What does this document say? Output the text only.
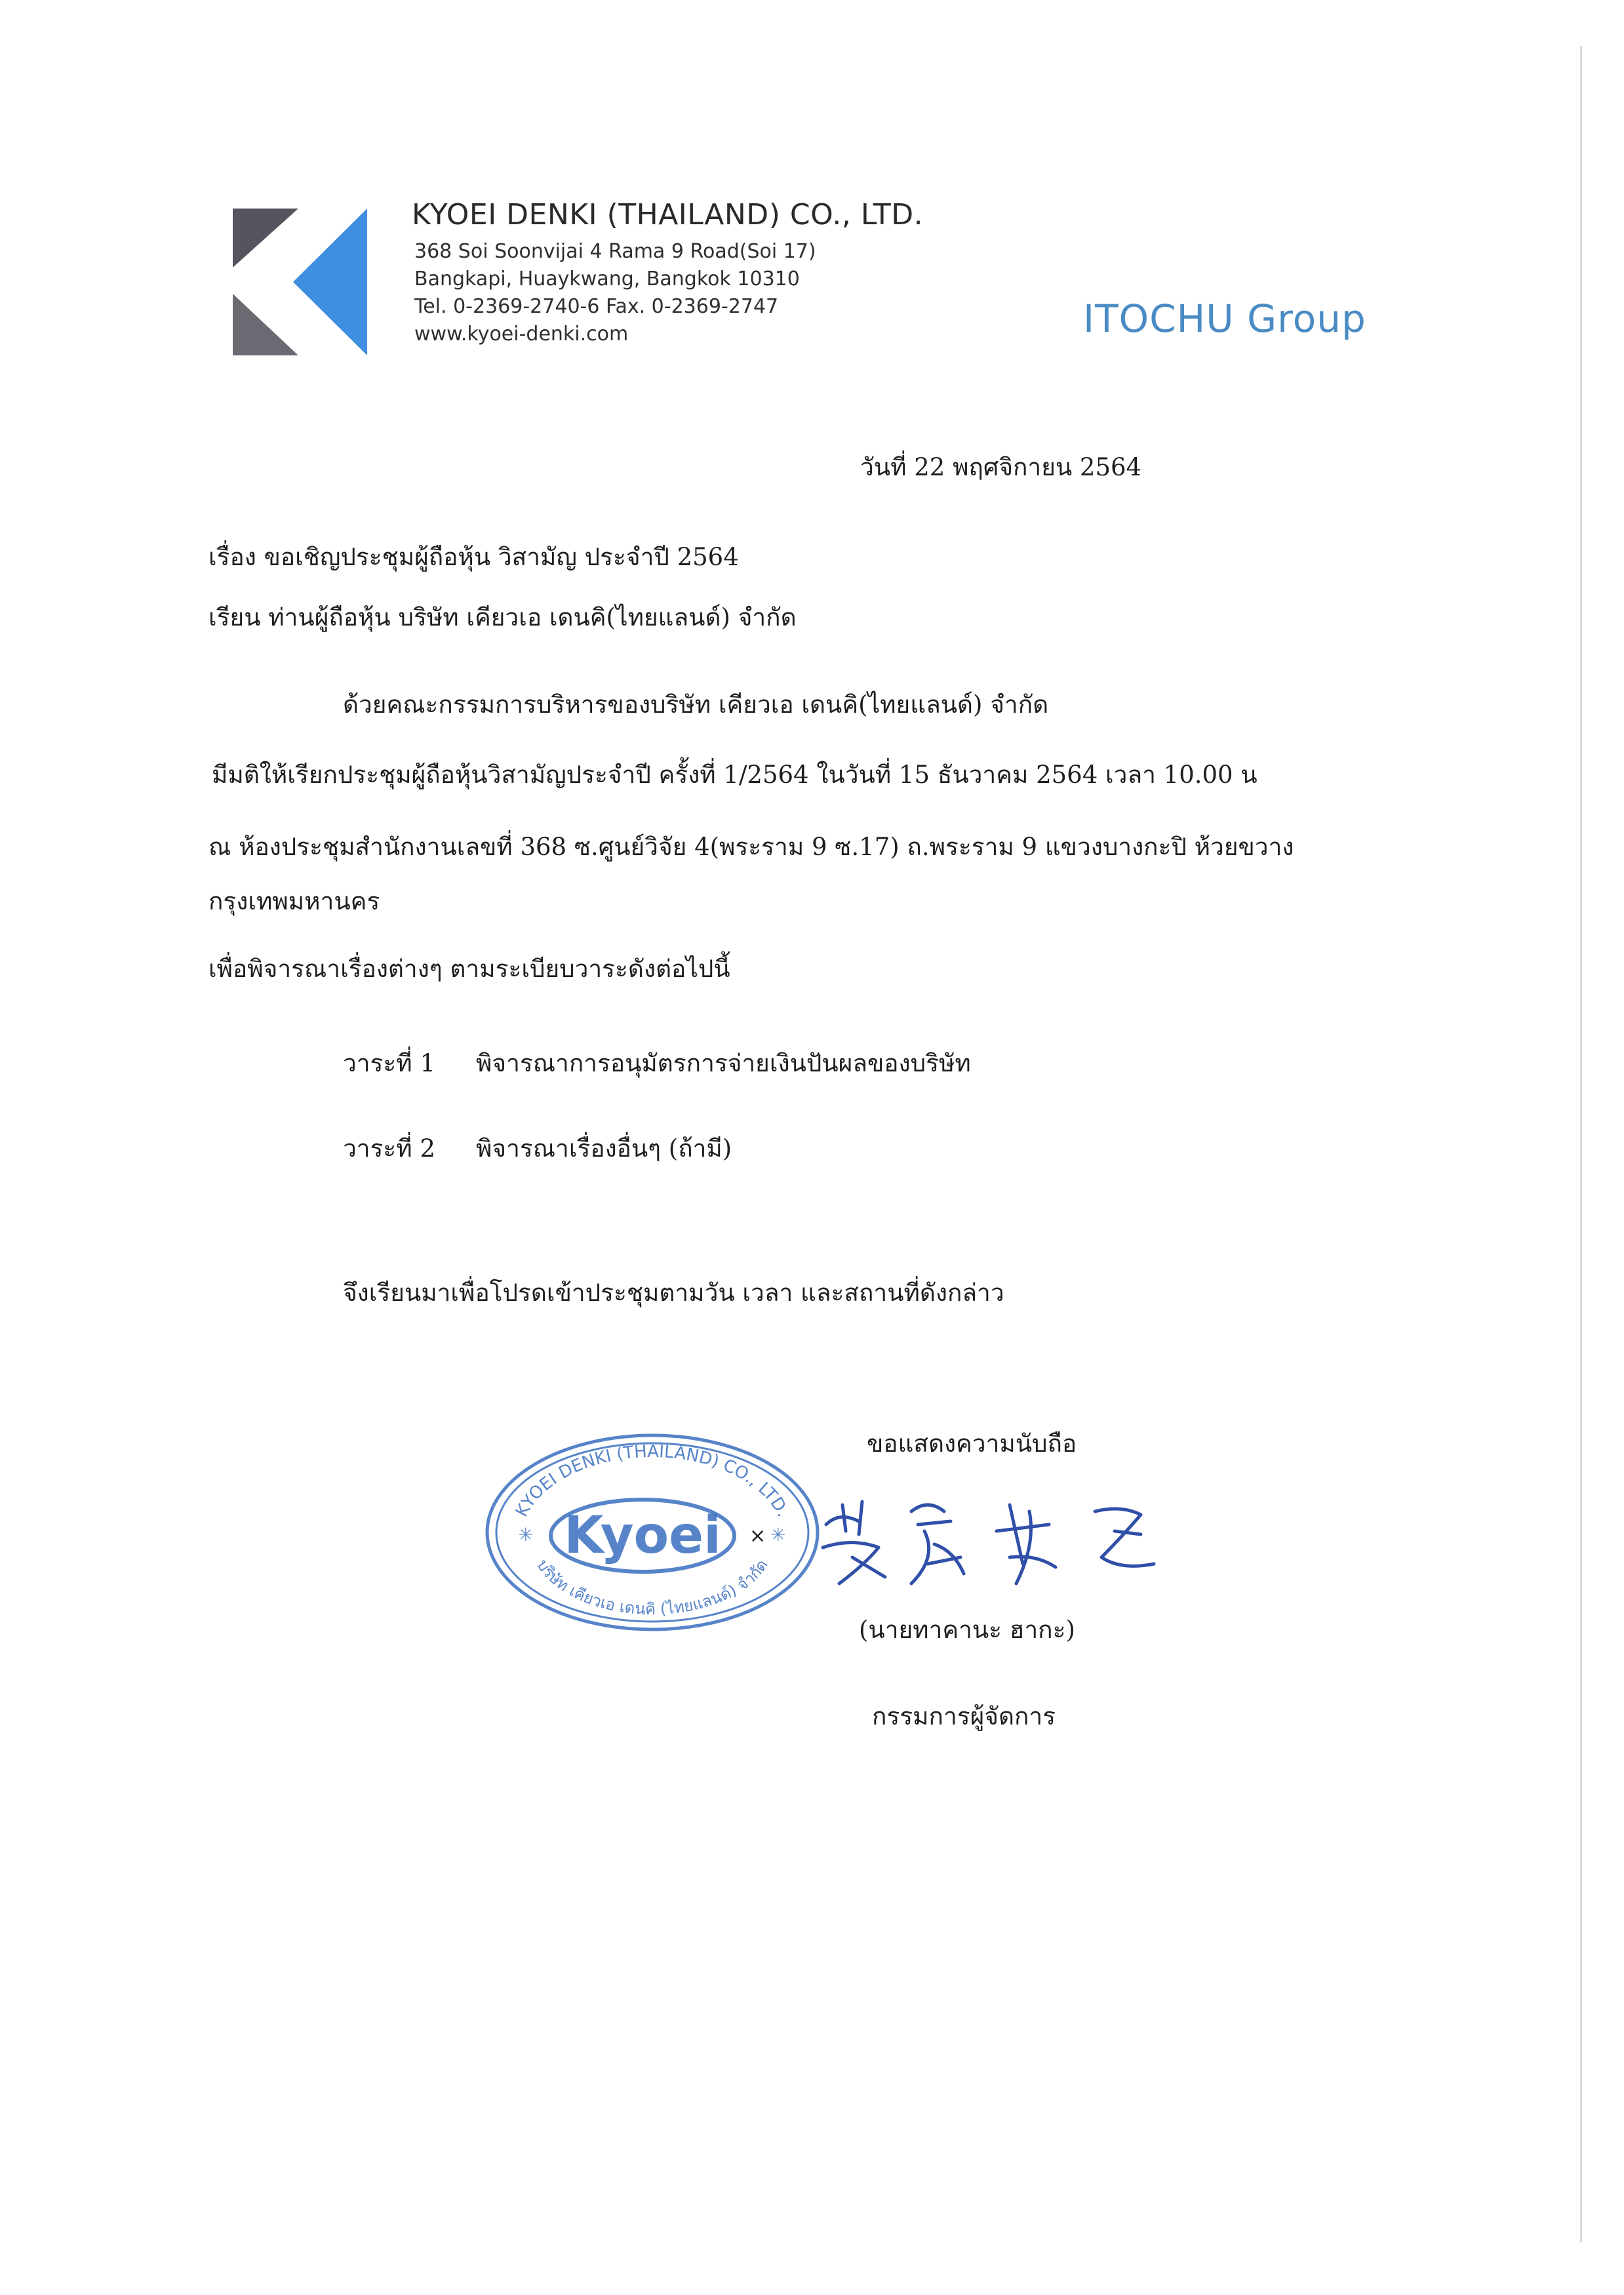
KYOEI DENKI (THAILAND) CO., LTD.
368 Soi Soonvijai 4 Rama 9 Road(Soi 17)
Bangkapi, Huaykwang, Bangkok 10310
Tel. 0-2369-2740-6 Fax. 0-2369-2747
www.kyoei-denki.com	ITOCHU Group
วันที่ 22 พฤศจิกายน 2564
เรื่อง ขอเชิญประชุมผู้ถือหุ้น วิสามัญ ประจำปี 2564
เรียน ท่านผู้ถือหุ้น บริษัท เคียวเอ เดนคิ(ไทยแลนด์) จำกัด
ด้วยคณะกรรมการบริหารของบริษัท เคียวเอ เดนคิ(ไทยแลนด์) จำกัด
มีมติให้เรียกประชุมผู้ถือหุ้นวิสามัญประจำปี ครั้งที่ 1/2564 ในวันที่ 15 ธันวาคม 2564 เวลา 10.00 น
ณ ห้องประชุมสำนักงานเลขที่ 368 ซ.ศูนย์วิจัย 4(พระราม 9 ซ.17) ถ.พระราม 9 แขวงบางกะปิ ห้วยขวาง
กรุงเทพมหานคร
เพื่อพิจารณาเรื่องต่างๆ ตามระเบียบวาระดังต่อไปนี้
วาระที่ 1 พิจารณาการอนุมัตรการจ่ายเงินปันผลของบริษัท
วาระที่ 2 พิจารณาเรื่องอื่นๆ (ถ้ามี)
จึงเรียนมาเพื่อโปรดเข้าประชุมตามวัน เวลา และสถานที่ดังกล่าว
ขอแสดงความนับถือ
KYOEI DENKI (THAILAND) CO., LTD.
Kyoei
บริษัท เคียวเอ เดนคิ (ไทยแลนด์) จำกัด
✳	✳
×
(นายทาคานะ ฮากะ)
กรรมการผู้จัดการ
